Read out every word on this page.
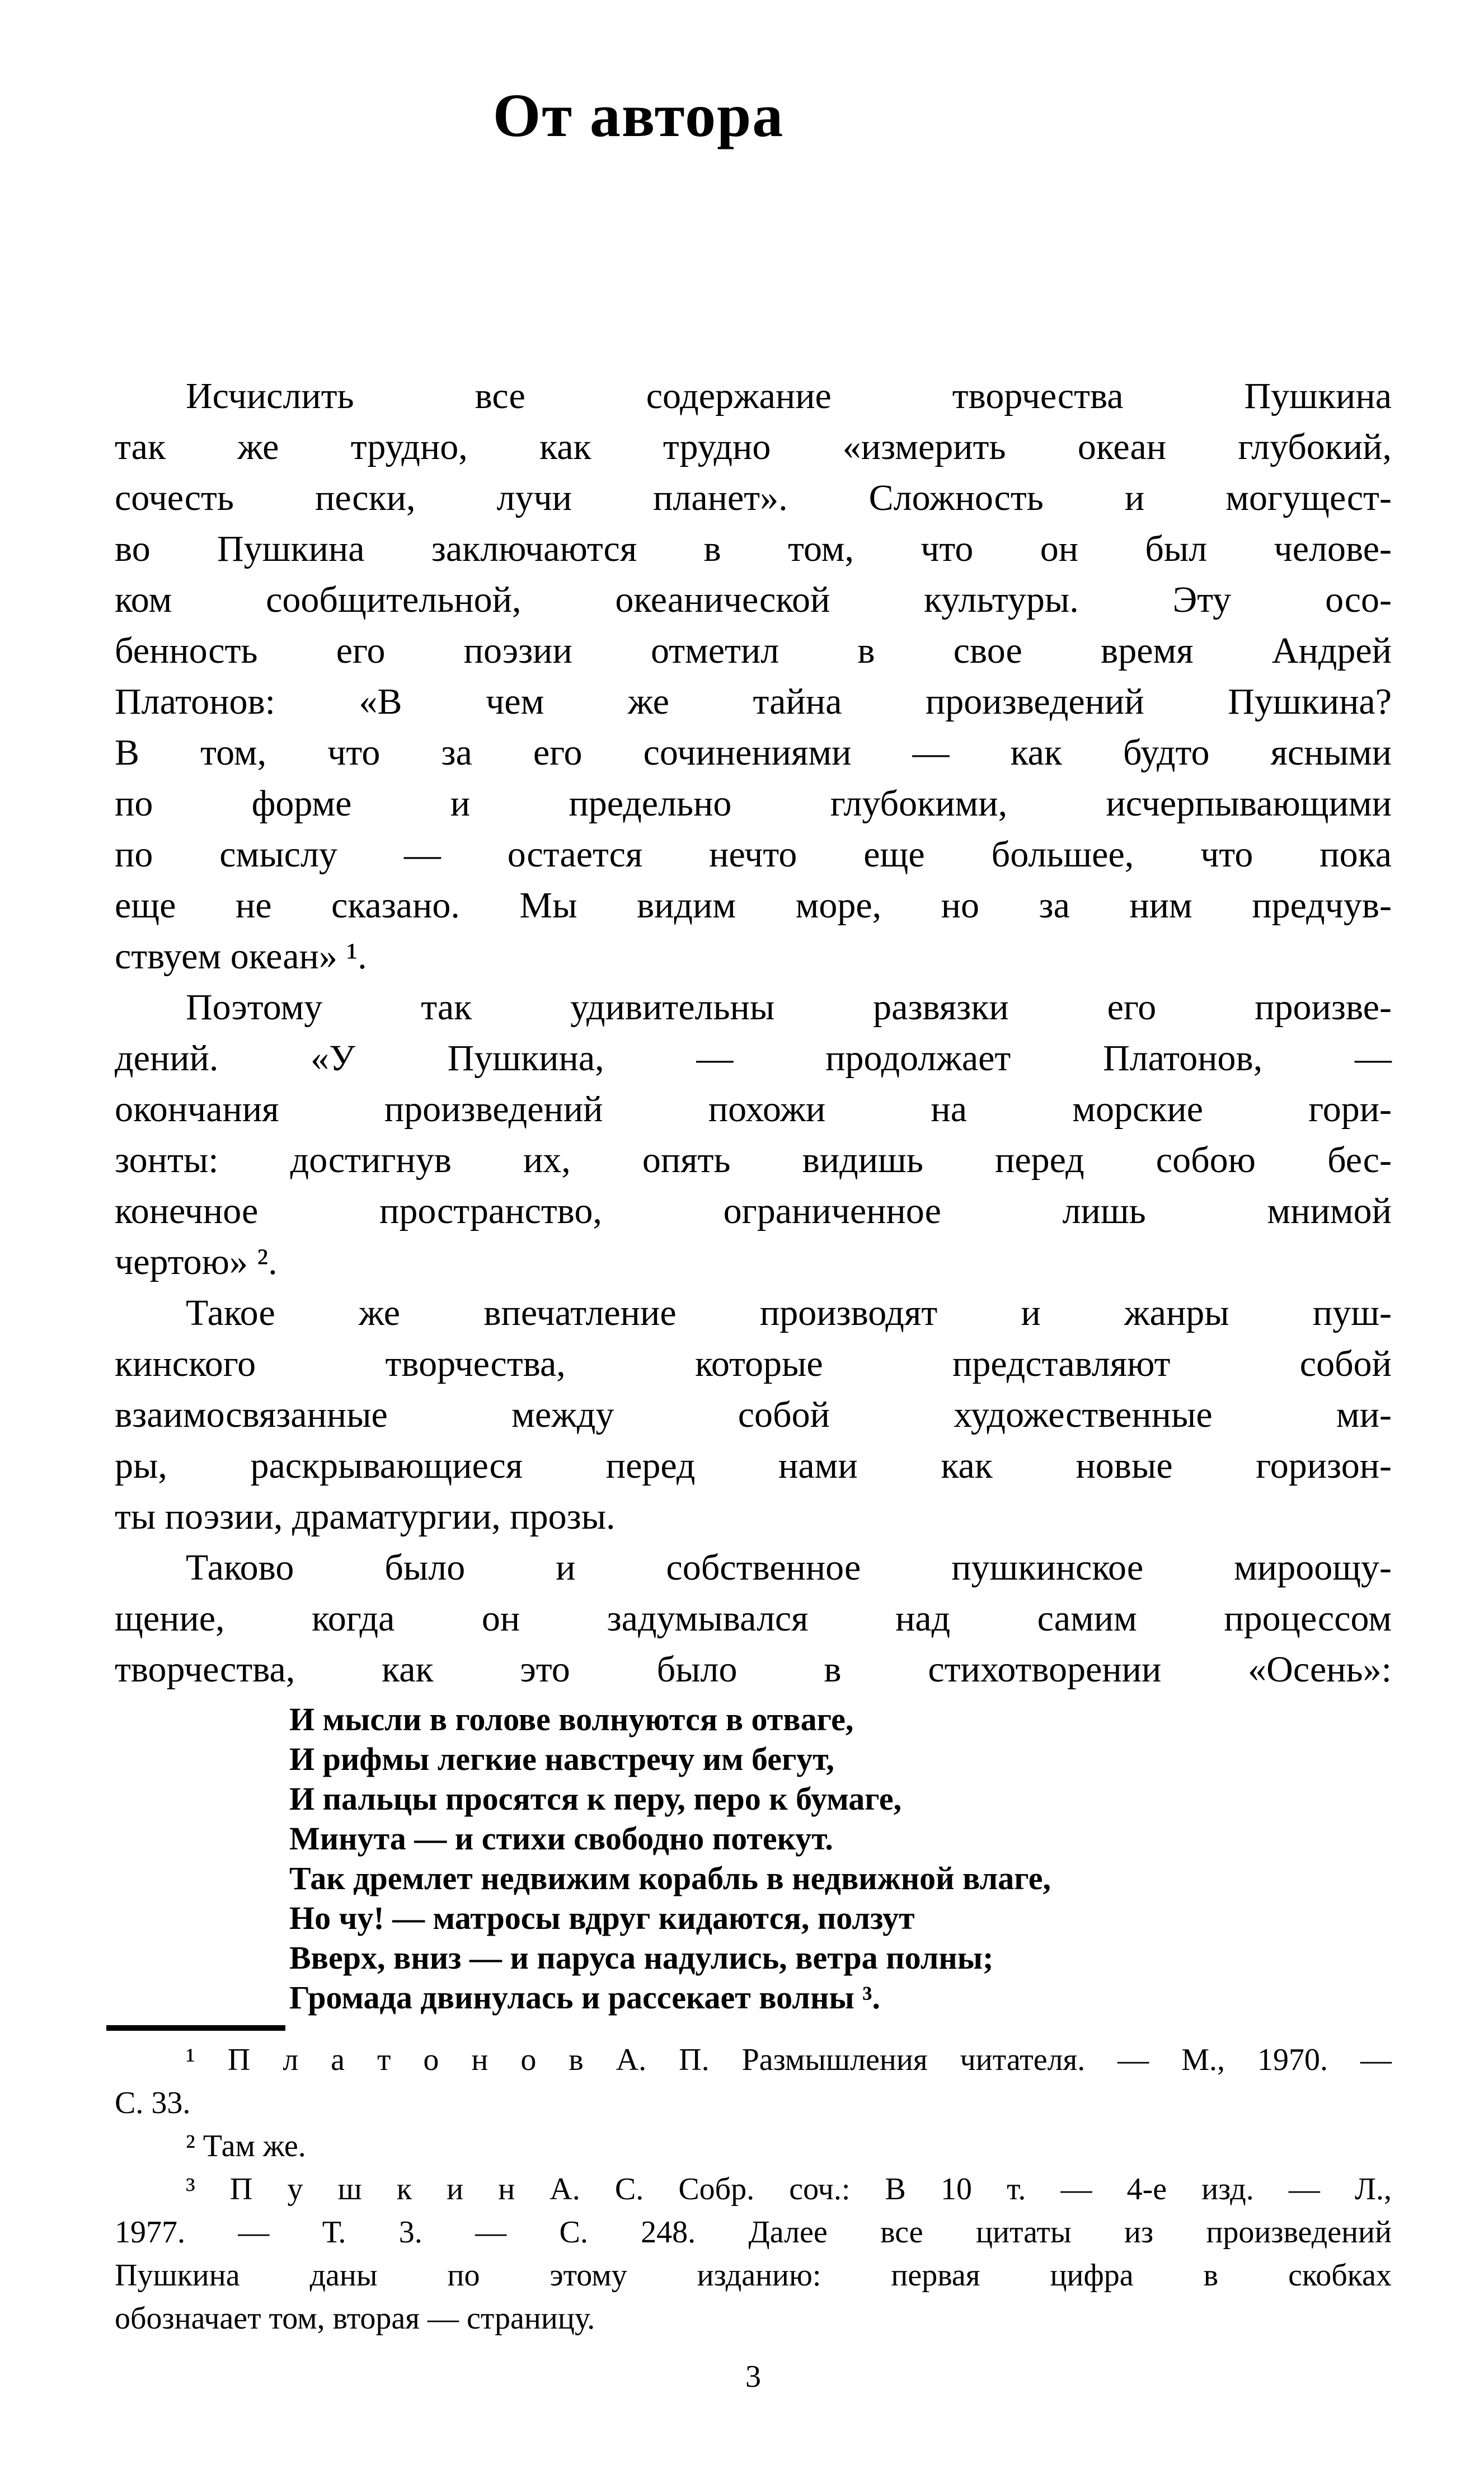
От автора
Исчислить все содержание творчества Пушкина
так же трудно, как трудно «измерить океан глубокий,
сочесть пески, лучи планет». Сложность и могущест-
во Пушкина заключаются в том, что он был челове-
ком сообщительной, океанической культуры. Эту осо-
бенность его поэзии отметил в свое время Андрей
Платонов: «В чем же тайна произведений Пушкина?
В том, что за его сочинениями — как будто ясными
по форме и предельно глубокими, исчерпывающими
по смыслу — остается нечто еще большее, что пока
еще не сказано. Мы видим море, но за ним предчув-
ствуем океан» ¹.
Поэтому так удивительны развязки его произве-
дений. «У Пушкина, — продолжает Платонов, —
окончания произведений похожи на морские гори-
зонты: достигнув их, опять видишь перед собою бес-
конечное пространство, ограниченное лишь мнимой
чертою» ².
Такое же впечатление производят и жанры пуш-
кинского творчества, которые представляют собой
взаимосвязанные между собой художественные ми-
ры, раскрывающиеся перед нами как новые горизон-
ты поэзии, драматургии, прозы.
Таково было и собственное пушкинское мироощу-
щение, когда он задумывался над самим процессом
творчества, как это было в стихотворении «Осень»:
И мысли в голове волнуются в отваге,
И рифмы легкие навстречу им бегут,
И пальцы просятся к перу, перо к бумаге,
Минута — и стихи свободно потекут.
Так дремлет недвижим корабль в недвижной влаге,
Но чу! — матросы вдруг кидаются, ползут
Вверх, вниз — и паруса надулись, ветра полны;
Громада двинулась и рассекает волны ³.
¹ П л а т о н о в А. П. Размышления читателя. — М., 1970. —
С. 33.
² Там же.
³ П у ш к и н А. С. Собр. соч.: В 10 т. — 4-е изд. — Л.,
1977. — Т. 3. — С. 248. Далее все цитаты из произведений
Пушкина даны по этому изданию: первая цифра в скобках
обозначает том, вторая — страницу.
3
